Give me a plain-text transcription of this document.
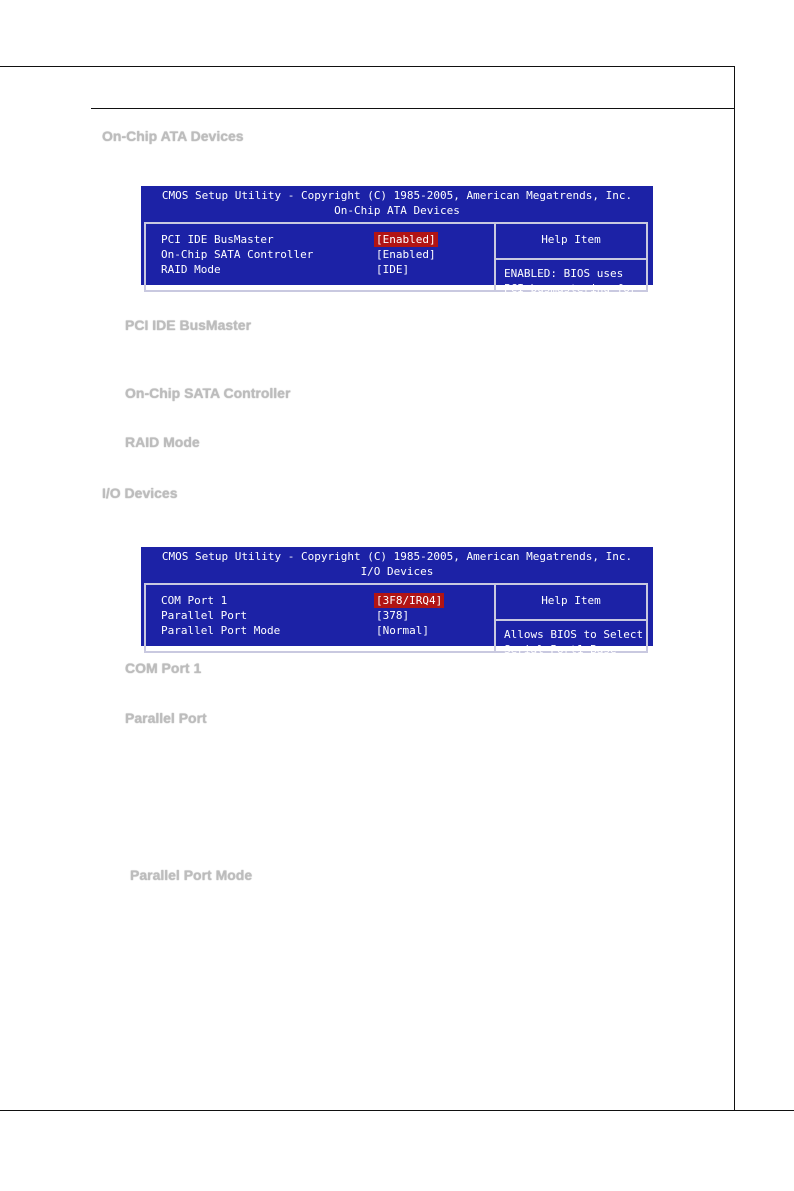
On-Chip ATA Devices
CMOS Setup Utility - Copyright (C) 1985-2005, American Megatrends, Inc.
On-Chip ATA Devices
PCI IDE BusMaster	[Enabled]
On-Chip SATA Controller	[Enabled]
RAID Mode	[IDE]
Help Item
ENABLED: BIOS uses
PCI busmastering for
PCI IDE BusMaster
On-Chip SATA Controller
RAID Mode
I/O Devices
CMOS Setup Utility - Copyright (C) 1985-2005, American Megatrends, Inc.
I/O Devices
COM Port 1	[3F8/IRQ4]
Parallel Port	[378]
Parallel Port Mode	[Normal]
Help Item
Allows BIOS to Select
Serial Port1 Base
COM Port 1
Parallel Port
Parallel Port Mode
